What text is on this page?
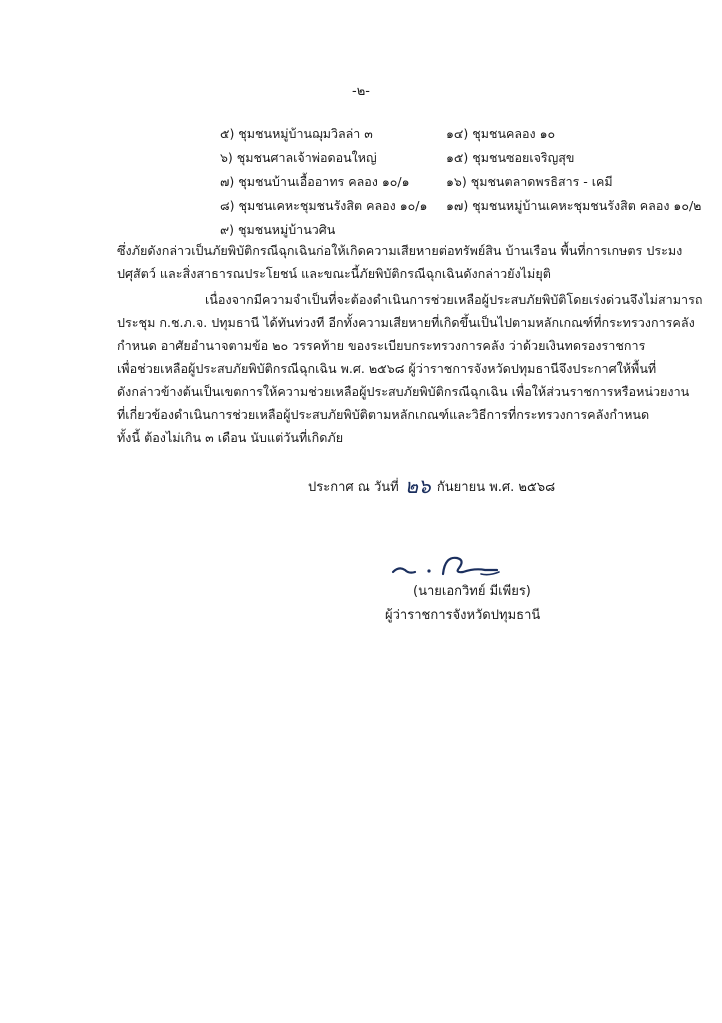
-๒-
๕) ชุมชนหมู่บ้านฌุมวิลล่า ๓
๖) ชุมชนศาลเจ้าพ่อดอนใหญ่
๗) ชุมชนบ้านเอื้ออาทร คลอง ๑๐/๑
๘) ชุมชนเคหะชุมชนรังสิต คลอง ๑๐/๑
๙) ชุมชนหมู่บ้านวศิน
๑๔) ชุมชนคลอง ๑๐
๑๕) ชุมชนซอยเจริญสุข
๑๖) ชุมชนตลาดพรธิสาร - เคมี
๑๗) ชุมชนหมู่บ้านเคหะชุมชนรังสิต คลอง ๑๐/๒
ซึ่งภัยดังกล่าวเป็นภัยพิบัติกรณีฉุกเฉินก่อให้เกิดความเสียหายต่อทรัพย์สิน บ้านเรือน พื้นที่การเกษตร ประมง
ปศุสัตว์ และสิ่งสาธารณประโยชน์ และขณะนี้ภัยพิบัติกรณีฉุกเฉินดังกล่าวยังไม่ยุติ
เนื่องจากมีความจำเป็นที่จะต้องดำเนินการช่วยเหลือผู้ประสบภัยพิบัติโดยเร่งด่วนจึงไม่สามารถ
ประชุม ก.ช.ภ.จ. ปทุมธานี ได้ทันท่วงที อีกทั้งความเสียหายที่เกิดขึ้นเป็นไปตามหลักเกณฑ์ที่กระทรวงการคลัง
กำหนด อาศัยอำนาจตามข้อ ๒๐ วรรคท้าย ของระเบียบกระทรวงการคลัง ว่าด้วยเงินทดรองราชการ
เพื่อช่วยเหลือผู้ประสบภัยพิบัติกรณีฉุกเฉิน พ.ศ. ๒๕๖๘ ผู้ว่าราชการจังหวัดปทุมธานีจึงประกาศให้พื้นที่
ดังกล่าวข้างต้นเป็นเขตการให้ความช่วยเหลือผู้ประสบภัยพิบัติกรณีฉุกเฉิน เพื่อให้ส่วนราชการหรือหน่วยงาน
ที่เกี่ยวข้องดำเนินการช่วยเหลือผู้ประสบภัยพิบัติตามหลักเกณฑ์และวิธีการที่กระทรวงการคลังกำหนด
ทั้งนี้ ต้องไม่เกิน ๓ เดือน นับแต่วันที่เกิดภัย
ประกาศ ณ วันที่ ๒๖ กันยายน พ.ศ. ๒๕๖๘
(นายเอกวิทย์ มีเพียร)
ผู้ว่าราชการจังหวัดปทุมธานี
